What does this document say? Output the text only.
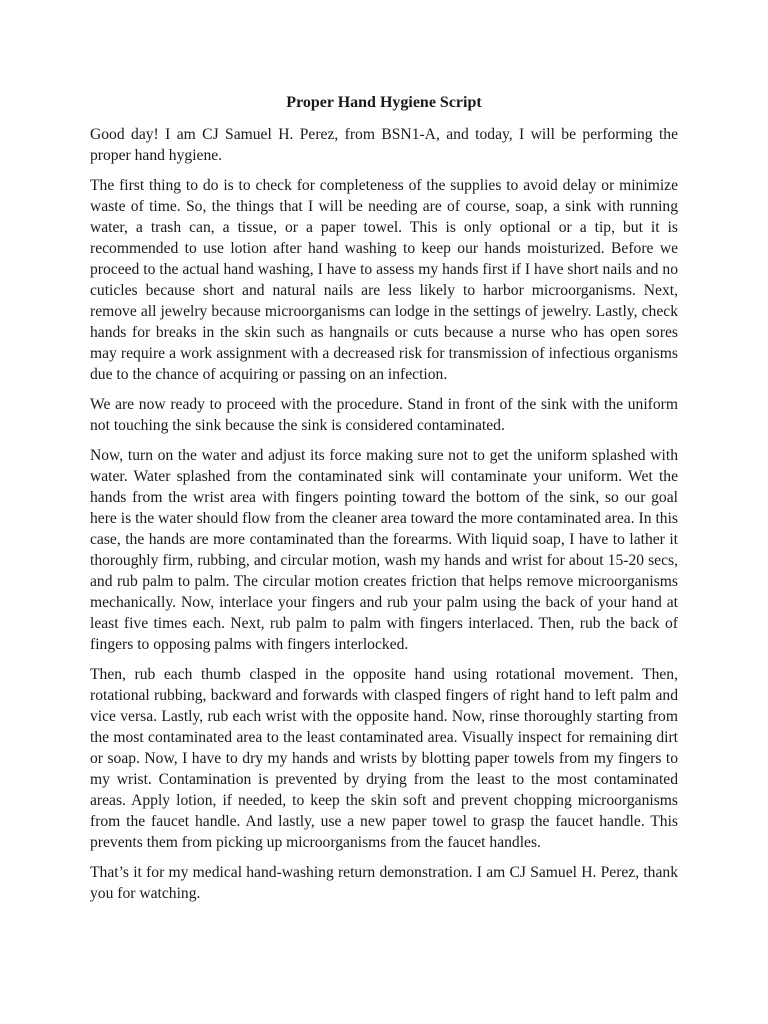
Proper Hand Hygiene Script

Good day! I am CJ Samuel H. Perez, from BSN1-A, and today, I will be performing the proper hand hygiene.

The first thing to do is to check for completeness of the supplies to avoid delay or minimize waste of time. So, the things that I will be needing are of course, soap, a sink with running water, a trash can, a tissue, or a paper towel. This is only optional or a tip, but it is recommended to use lotion after hand washing to keep our hands moisturized. Before we proceed to the actual hand washing, I have to assess my hands first if I have short nails and no cuticles because short and natural nails are less likely to harbor microorganisms. Next, remove all jewelry because microorganisms can lodge in the settings of jewelry. Lastly, check hands for breaks in the skin such as hangnails or cuts because a nurse who has open sores may require a work assignment with a decreased risk for transmission of infectious organisms due to the chance of acquiring or passing on an infection.

We are now ready to proceed with the procedure. Stand in front of the sink with the uniform not touching the sink because the sink is considered contaminated.

Now, turn on the water and adjust its force making sure not to get the uniform splashed with water. Water splashed from the contaminated sink will contaminate your uniform. Wet the hands from the wrist area with fingers pointing toward the bottom of the sink, so our goal here is the water should flow from the cleaner area toward the more contaminated area. In this case, the hands are more contaminated than the forearms. With liquid soap, I have to lather it thoroughly firm, rubbing, and circular motion, wash my hands and wrist for about 15-20 secs, and rub palm to palm. The circular motion creates friction that helps remove microorganisms mechanically. Now, interlace your fingers and rub your palm using the back of your hand at least five times each. Next, rub palm to palm with fingers interlaced. Then, rub the back of fingers to opposing palms with fingers interlocked.

Then, rub each thumb clasped in the opposite hand using rotational movement. Then, rotational rubbing, backward and forwards with clasped fingers of right hand to left palm and vice versa. Lastly, rub each wrist with the opposite hand. Now, rinse thoroughly starting from the most contaminated area to the least contaminated area. Visually inspect for remaining dirt or soap. Now, I have to dry my hands and wrists by blotting paper towels from my fingers to my wrist. Contamination is prevented by drying from the least to the most contaminated areas. Apply lotion, if needed, to keep the skin soft and prevent chopping microorganisms from the faucet handle. And lastly, use a new paper towel to grasp the faucet handle. This prevents them from picking up microorganisms from the faucet handles.

That’s it for my medical hand-washing return demonstration. I am CJ Samuel H. Perez, thank you for watching.
